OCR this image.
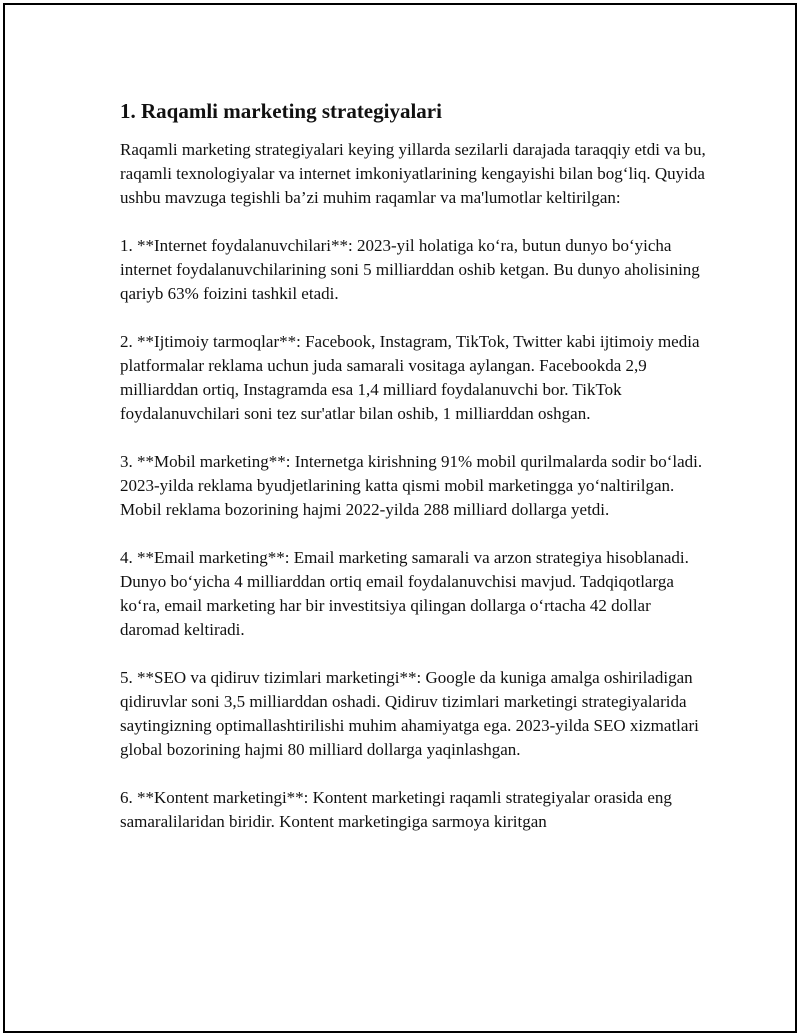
1. Raqamli marketing strategiyalari

Raqamli marketing strategiyalari keying yillarda sezilarli darajada taraqqiy etdi va bu, raqamli texnologiyalar va internet imkoniyatlarining kengayishi bilan bog‘liq. Quyida ushbu mavzuga tegishli ba’zi muhim raqamlar va ma'lumotlar keltirilgan:

1. **Internet foydalanuvchilari**: 2023-yil holatiga ko‘ra, butun dunyo bo‘yicha internet foydalanuvchilarining soni 5 milliarddan oshib ketgan. Bu dunyo aholisining qariyb 63% foizini tashkil etadi.

2. **Ijtimoiy tarmoqlar**: Facebook, Instagram, TikTok, Twitter kabi ijtimoiy media platformalar reklama uchun juda samarali vositaga aylangan. Facebookda 2,9 milliarddan ortiq, Instagramda esa 1,4 milliard foydalanuvchi bor. TikTok foydalanuvchilari soni tez sur'atlar bilan oshib, 1 milliarddan oshgan.

3. **Mobil marketing**: Internetga kirishning 91% mobil qurilmalarda sodir bo‘ladi. 2023-yilda reklama byudjetlarining katta qismi mobil marketingga yo‘naltirilgan. Mobil reklama bozorining hajmi 2022-yilda 288 milliard dollarga yetdi.

4. **Email marketing**: Email marketing samarali va arzon strategiya hisoblanadi. Dunyo bo‘yicha 4 milliarddan ortiq email foydalanuvchisi mavjud. Tadqiqotlarga ko‘ra, email marketing har bir investitsiya qilingan dollarga o‘rtacha 42 dollar daromad keltiradi.

5. **SEO va qidiruv tizimlari marketingi**: Google da kuniga amalga oshiriladigan qidiruvlar soni 3,5 milliarddan oshadi. Qidiruv tizimlari marketingi strategiyalarida saytingizning optimallashtirilishi muhim ahamiyatga ega. 2023-yilda SEO xizmatlari global bozorining hajmi 80 milliard dollarga yaqinlashgan.

6. **Kontent marketingi**: Kontent marketingi raqamli strategiyalar orasida eng samaralilaridan biridir. Kontent marketingiga sarmoya kiritgan
